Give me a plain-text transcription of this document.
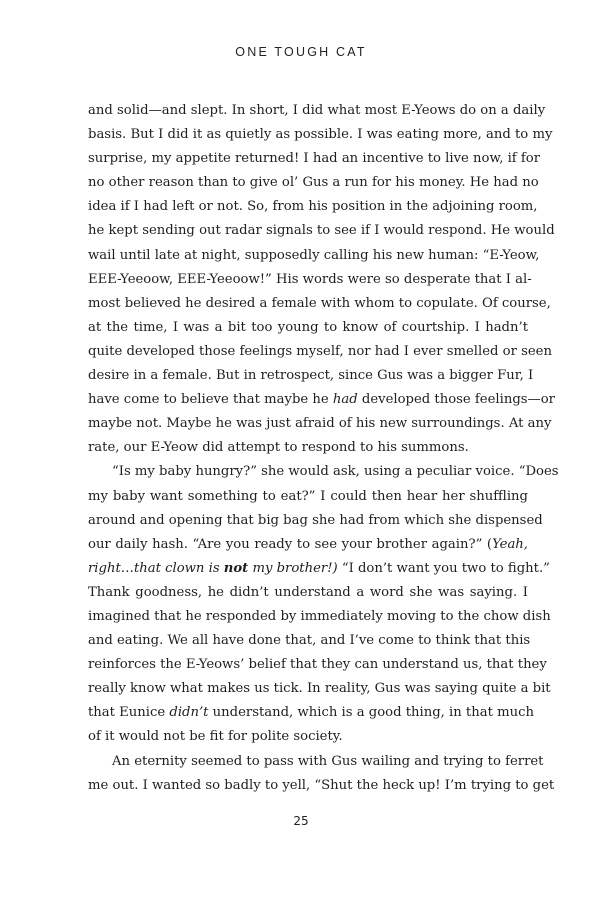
ONE TOUGH CAT
and solid—and slept. In short, I did what most E-Yeows do on a daily
basis. But I did it as quietly as possible. I was eating more, and to my
surprise, my appetite returned! I had an incentive to live now, if for
no other reason than to give ol’ Gus a run for his money. He had no
idea if I had left or not. So, from his position in the adjoining room,
he kept sending out radar signals to see if I would respond. He would
wail until late at night, supposedly calling his new human: “E-Yeow,
EEE-Yeeoow, EEE-Yeeoow!” His words were so desperate that I al-
most believed he desired a female with whom to copulate. Of course,
at the time, I was a bit too young to know of courtship. I hadn’t
quite developed those feelings myself, nor had I ever smelled or seen
desire in a female. But in retrospect, since Gus was a bigger Fur, I
have come to believe that maybe he had developed those feelings—or
maybe not. Maybe he was just afraid of his new surroundings. At any
rate, our E-Yeow did attempt to respond to his summons.
“Is my baby hungry?” she would ask, using a peculiar voice. “Does
my baby want something to eat?” I could then hear her shuffling
around and opening that big bag she had from which she dispensed
our daily hash. “Are you ready to see your brother again?” (Yeah,
right…that clown is not my brother!) “I don’t want you two to fight.”
Thank goodness, he didn’t understand a word she was saying. I
imagined that he responded by immediately moving to the chow dish
and eating. We all have done that, and I’ve come to think that this
reinforces the E-Yeows’ belief that they can understand us, that they
really know what makes us tick. In reality, Gus was saying quite a bit
that Eunice didn’t understand, which is a good thing, in that much
of it would not be fit for polite society.
An eternity seemed to pass with Gus wailing and trying to ferret
me out. I wanted so badly to yell, “Shut the heck up! I’m trying to get
25
